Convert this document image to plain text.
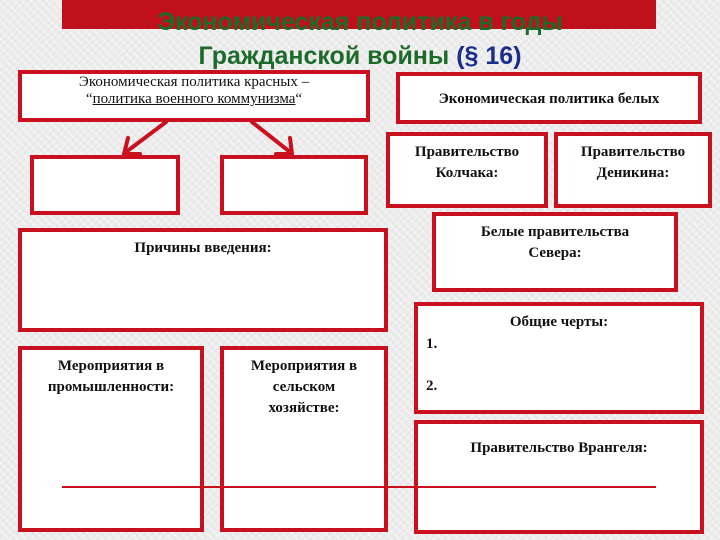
Экономическая политика в годы
Гражданской войны (§ 16)
Экономическая политика красных –
“политика военного коммунизма“
Причины введения:
Мероприятия в
промышленности:
Мероприятия в
сельском
хозяйстве:
Экономическая политика белых
Правительство
Колчака:
Правительство
Деникина:
Белые правительства
Севера:
Общие черты:
1.
2.
Правительство Врангеля:
